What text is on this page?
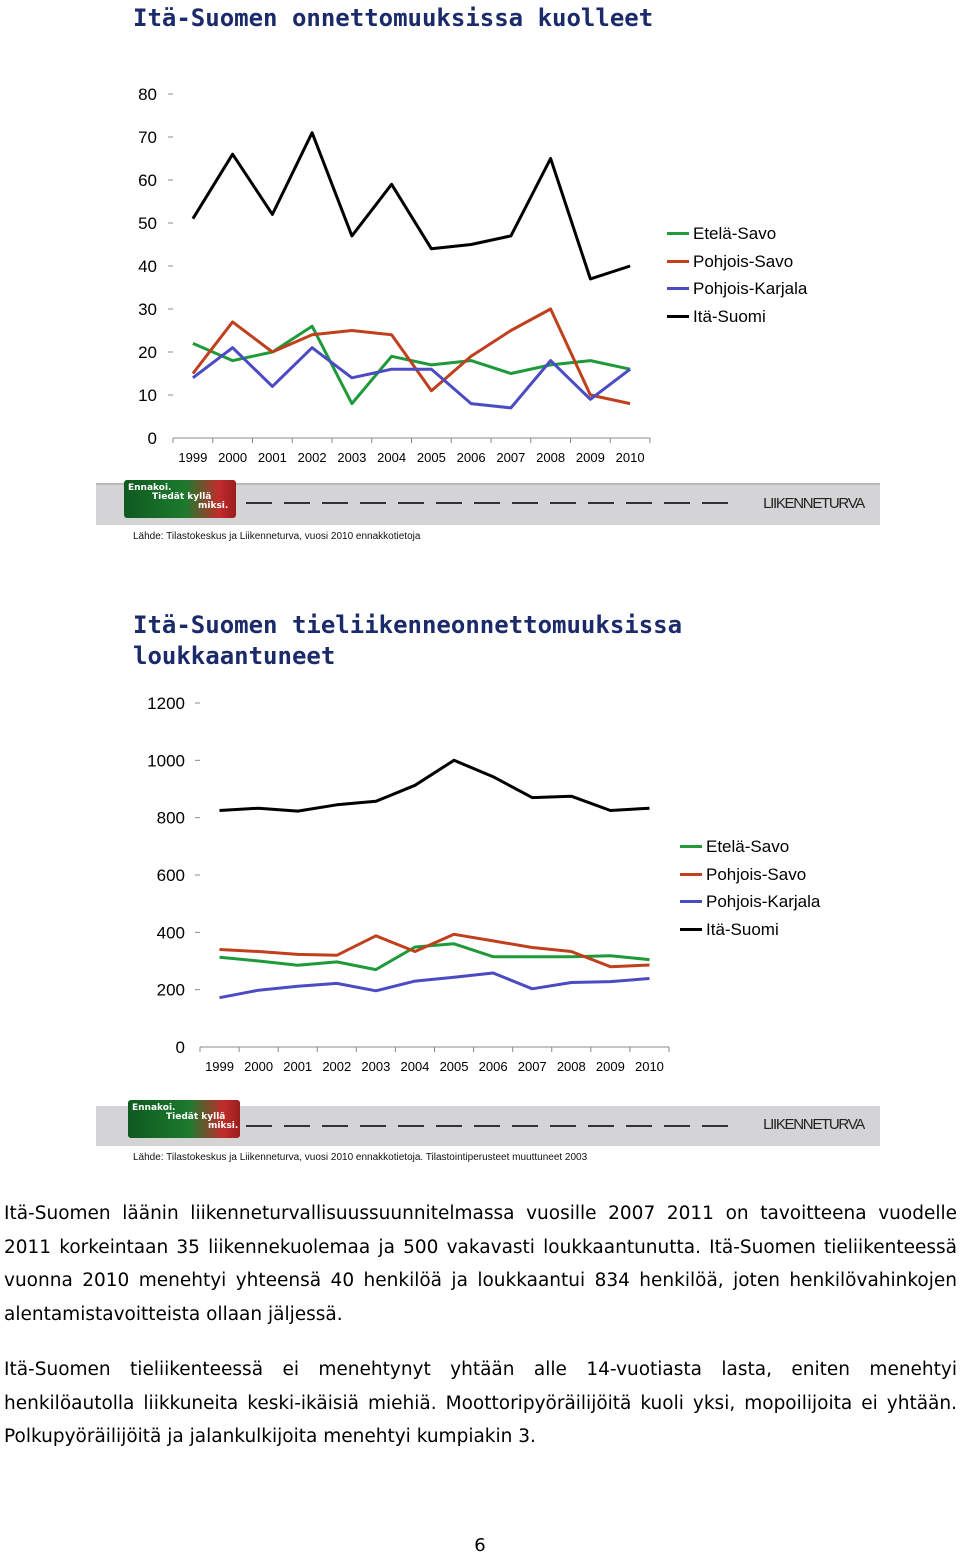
Itä-Suomen onnettomuuksissa kuolleet
0
10
20
30
40
50
60
70
80
1999 2000 2001 2002 2003 2004 2005 2006 2007 2008 2009 2010
Etelä-Savo
Pohjois-Savo
Pohjois-Karjala
Itä-Suomi
Ennakoi.
Tiedät kyllä
miksi.	LIIKENNETURVA
Lähde: Tilastokeskus ja Liikenneturva, vuosi 2010 ennakkotietoja
Itä-Suomen tieliikenneonnettomuuksissa
loukkaantuneet
0
200
400
600
800
1000
1200
1999 2000 2001 2002 2003 2004 2005 2006 2007 2008 2009 2010
Etelä-Savo
Pohjois-Savo
Pohjois-Karjala
Itä-Suomi
Ennakoi.
Tiedät kyllä
miksi.	LIIKENNETURVA
Lähde: Tilastokeskus ja Liikenneturva, vuosi 2010 ennakkotietoja. Tilastointiperusteet muuttuneet 2003
Itä-Suomen läänin liikenneturvallisuussuunnitelmassa vuosille 2007 2011 on tavoitteena vuodelle 2011 korkeintaan 35 liikennekuolemaa ja 500 vakavasti loukkaantunutta. Itä-Suomen tieliikenteessä vuonna 2010 menehtyi yhteensä 40 henkilöä ja loukkaantui 834 henkilöä, joten henkilövahinkojen alentamistavoitteista ollaan jäljessä.
Itä-Suomen tieliikenteessä ei menehtynyt yhtään alle 14-vuotiasta lasta, eniten menehtyi henkilöautolla liikkuneita keski-ikäisiä miehiä. Moottoripyöräilijöitä kuoli yksi, mopoilijoita ei yhtään. Polkupyöräilijöitä ja jalankulkijoita menehtyi kumpiakin 3.
6
